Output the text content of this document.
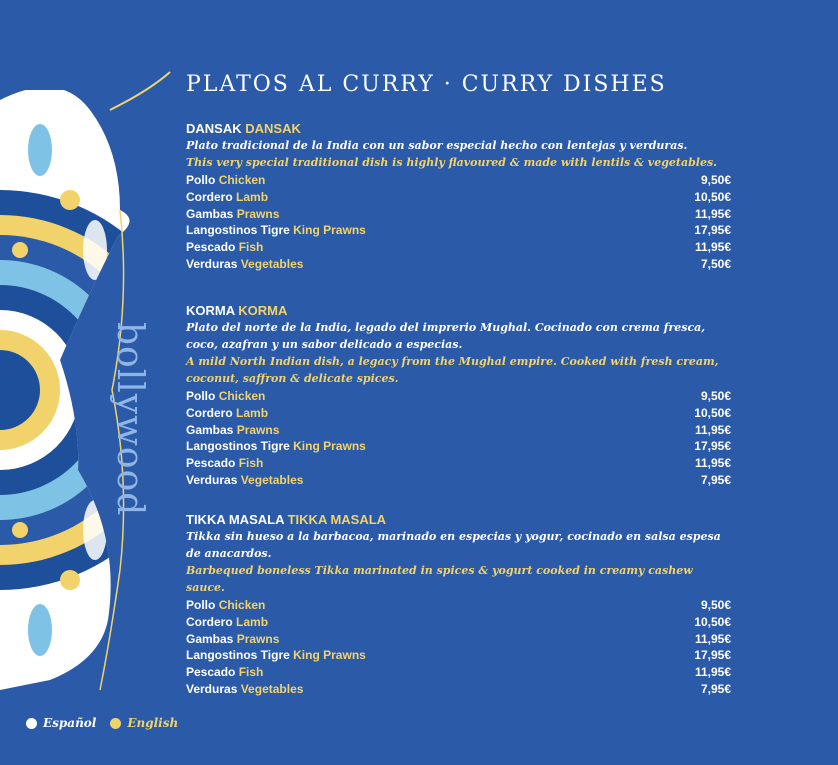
bollywood
PLATOS AL CURRY · CURRY DISHES
DANSAK DANSAK
Plato tradicional de la India con un sabor especial hecho con lentejas y verduras.
This very special traditional dish is highly flavoured & made with lentils & vegetables.
Pollo Chicken	9,50€
Cordero Lamb	10,50€
Gambas Prawns	11,95€
Langostinos Tigre King Prawns	17,95€
Pescado Fish	11,95€
Verduras Vegetables	7,50€
KORMA KORMA
Plato del norte de la India, legado del imprerio Mughal. Cocinado con crema fresca, coco, azafran y un sabor delicado a especias.
A mild North Indian dish, a legacy from the Mughal empire. Cooked with fresh cream, coconut, saffron & delicate spices.
Pollo Chicken	9,50€
Cordero Lamb	10,50€
Gambas Prawns	11,95€
Langostinos Tigre King Prawns	17,95€
Pescado Fish	11,95€
Verduras Vegetables	7,95€
TIKKA MASALA TIKKA MASALA
Tikka sin hueso a la barbacoa, marinado en especias y yogur, cocinado en salsa espesa de anacardos.
Barbequed boneless Tikka marinated in spices & yogurt cooked in creamy cashew sauce.
Pollo Chicken	9,50€
Cordero Lamb	10,50€
Gambas Prawns	11,95€
Langostinos Tigre King Prawns	17,95€
Pescado Fish	11,95€
Verduras Vegetables	7,95€
Español	English
